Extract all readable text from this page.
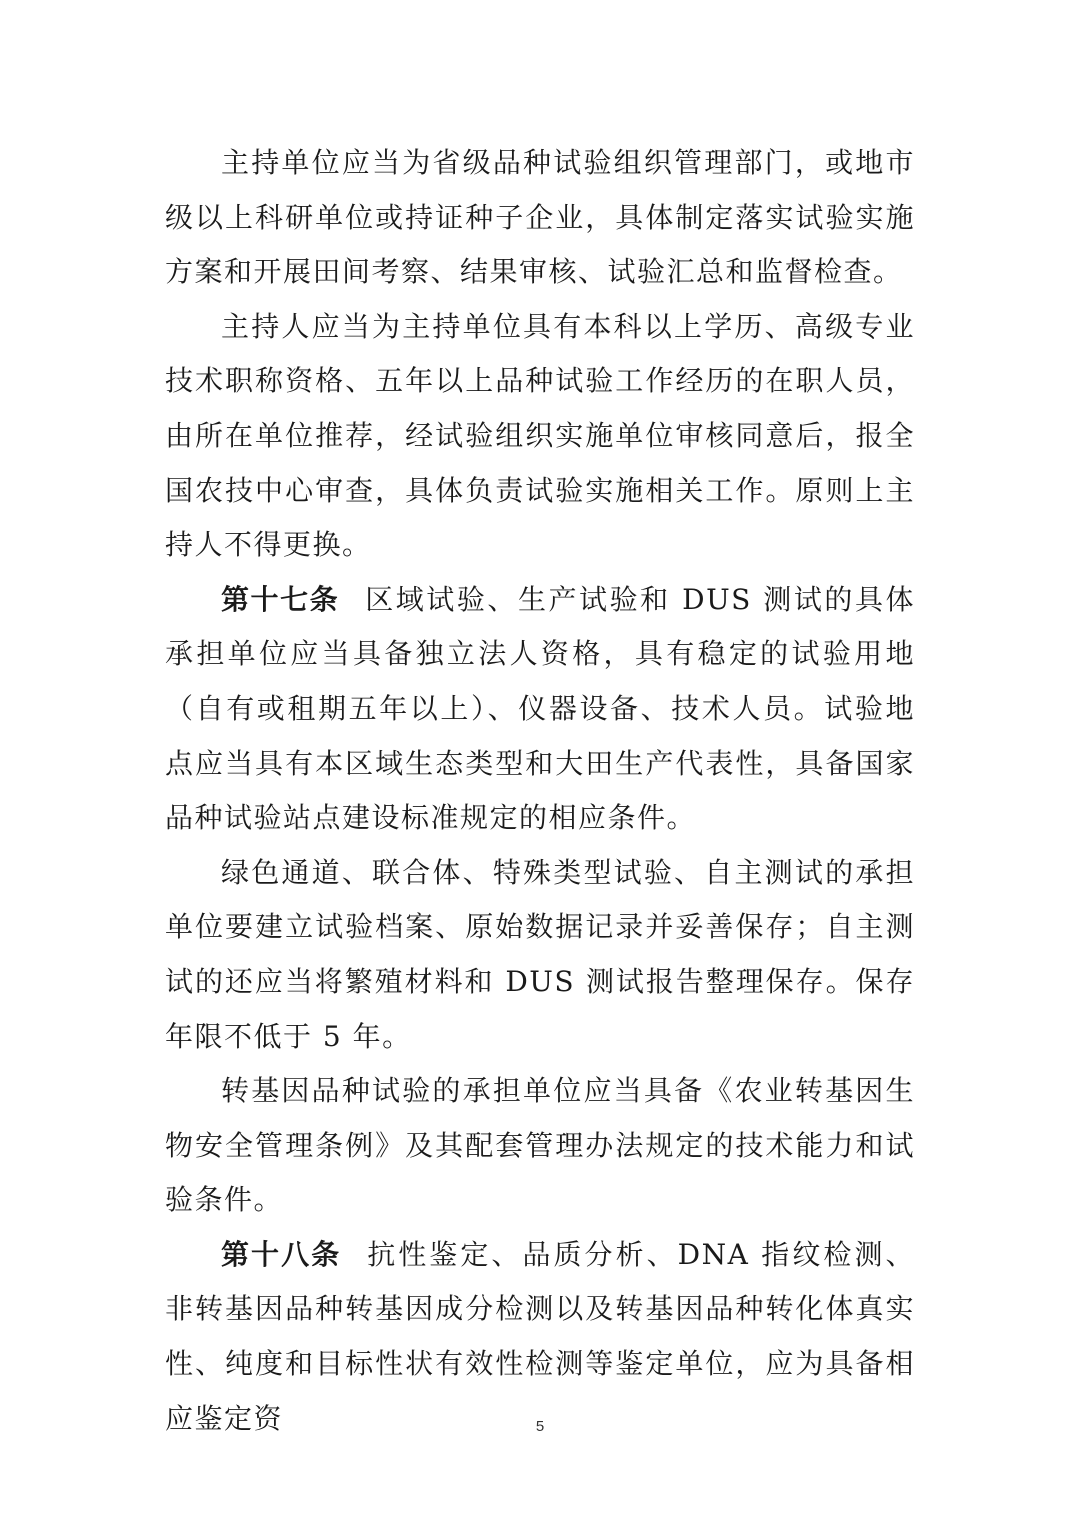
主持单位应当为省级品种试验组织管理部门，或地市级以上科研单位或持证种子企业，具体制定落实试验实施方案和开展田间考察、结果审核、试验汇总和监督检查。

主持人应当为主持单位具有本科以上学历、高级专业技术职称资格、五年以上品种试验工作经历的在职人员，由所在单位推荐，经试验组织实施单位审核同意后，报全国农技中心审查，具体负责试验实施相关工作。原则上主持人不得更换。

第十七条 区域试验、生产试验和 DUS 测试的具体承担单位应当具备独立法人资格，具有稳定的试验用地（自有或租期五年以上）、仪器设备、技术人员。试验地点应当具有本区域生态类型和大田生产代表性，具备国家品种试验站点建设标准规定的相应条件。

绿色通道、联合体、特殊类型试验、自主测试的承担单位要建立试验档案、原始数据记录并妥善保存；自主测试的还应当将繁殖材料和 DUS 测试报告整理保存。保存年限不低于 5 年。

转基因品种试验的承担单位应当具备《农业转基因生物安全管理条例》及其配套管理办法规定的技术能力和试验条件。

第十八条 抗性鉴定、品质分析、DNA 指纹检测、非转基因品种转基因成分检测以及转基因品种转化体真实性、纯度和目标性状有效性检测等鉴定单位，应为具备相应鉴定资	5
